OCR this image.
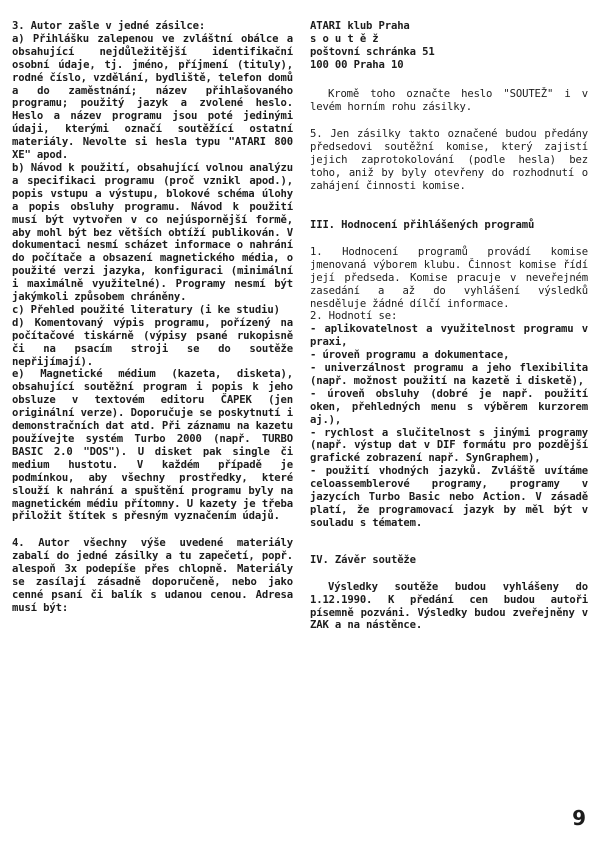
3. Autor zašle v jedné zásilce:

a) Přihlášku zalepenou ve zvláštní obálce a obsahující nejdůležitější identifikační osobní údaje, tj. jméno, příjmení (tituly), rodné číslo, vzdělání, bydliště, telefon domů a do zaměstnání; název přihlašovaného programu; použitý jazyk a zvolené heslo. Heslo a název programu jsou poté jedinými údaji, kterými označí soutěžící ostatní materiály. Nevolte si hesla typu "ATARI 800 XE" apod.

b) Návod k použití, obsahující volnou analýzu a specifikaci programu (proč vznikl apod.), popis vstupu a výstupu, blokové schéma úlohy a popis obsluhy programu. Návod k použití musí být vytvořen v co nejúspornější formě, aby mohl být bez větších obtíží publikován. V dokumentaci nesmí scházet informace o nahrání do počítače a obsazení magnetického média, o použité verzi jazyka, konfiguraci (minimální i maximálně využitelné). Programy nesmí být jakýmkoli způsobem chráněny.

c) Přehled použité literatury (i ke studiu)

d) Komentovaný výpis programu, pořízený na počítačové tiskárně (výpisy psané rukopisně či na psacím stroji se do soutěže nepřijímají).

e) Magnetické médium (kazeta, disketa), obsahující soutěžní program i popis k jeho obsluze v textovém editoru ČAPEK (jen originální verze). Doporučuje se poskytnutí i demonstračních dat atd. Při záznamu na kazetu používejte systém Turbo 2000 (např. TURBO BASIC 2.0 "DOS"). U disket pak single či medium hustotu. V každém případě je podmínkou, aby všechny prostředky, které slouží k nahrání a spuštění programu byly na magnetickém médiu přítomny. U kazety je třeba přiložit štítek s přesným vyznačením údajů.

4. Autor všechny výše uvedené materiály zabalí do jedné zásilky a tu zapečetí, popř. alespoň 3x podepíše přes chlopně. Materiály se zasílají zásadně doporučeně, nebo jako cenné psaní či balík s udanou cenou. Adresa musí být:

ATARI klub Praha

s o u t ě ž

poštovní schránka 51

100 00 Praha 10

Kromě toho označte heslo "SOUTEŽ" i v levém horním rohu zásilky.

5. Jen zásilky takto označené budou předány předsedovi soutěžní komise, který zajistí jejich zaprotokolování (podle hesla) bez toho, aniž by byly otevřeny do rozhodnutí o zahájení činnosti komise.

III. Hodnocení přihlášených programů

1. Hodnocení programů provádí komise jmenovaná výborem klubu. Činnost komise řídí její předseda. Komise pracuje v neveřejném zasedání a až do vyhlášení výsledků nesděluje žádné dílčí informace.

2. Hodnotí se:

- aplikovatelnost a využitelnost programu v praxi,

- úroveň programu a dokumentace,

- univerzálnost programu a jeho flexibilita (např. možnost použití na kazetě i disketě),

- úroveň obsluhy (dobré je např. použití oken, přehledných menu s výběrem kurzorem aj.),

- rychlost a slučitelnost s jinými programy (např. výstup dat v DIF formátu pro pozdější grafické zobrazení např. SynGraphem),

- použití vhodných jazyků. Zvláště uvítáme celoassemblerové programy, programy v jazycích Turbo Basic nebo Action. V zásadě platí, že programovací jazyk by měl být v souladu s tématem.

IV. Závěr soutěže

Výsledky soutěže budou vyhlášeny do 1.12.1990. K předání cen budou autoři písemně pozváni. Výsledky budou zveřejněny v ZAK a na nástěnce.

9
